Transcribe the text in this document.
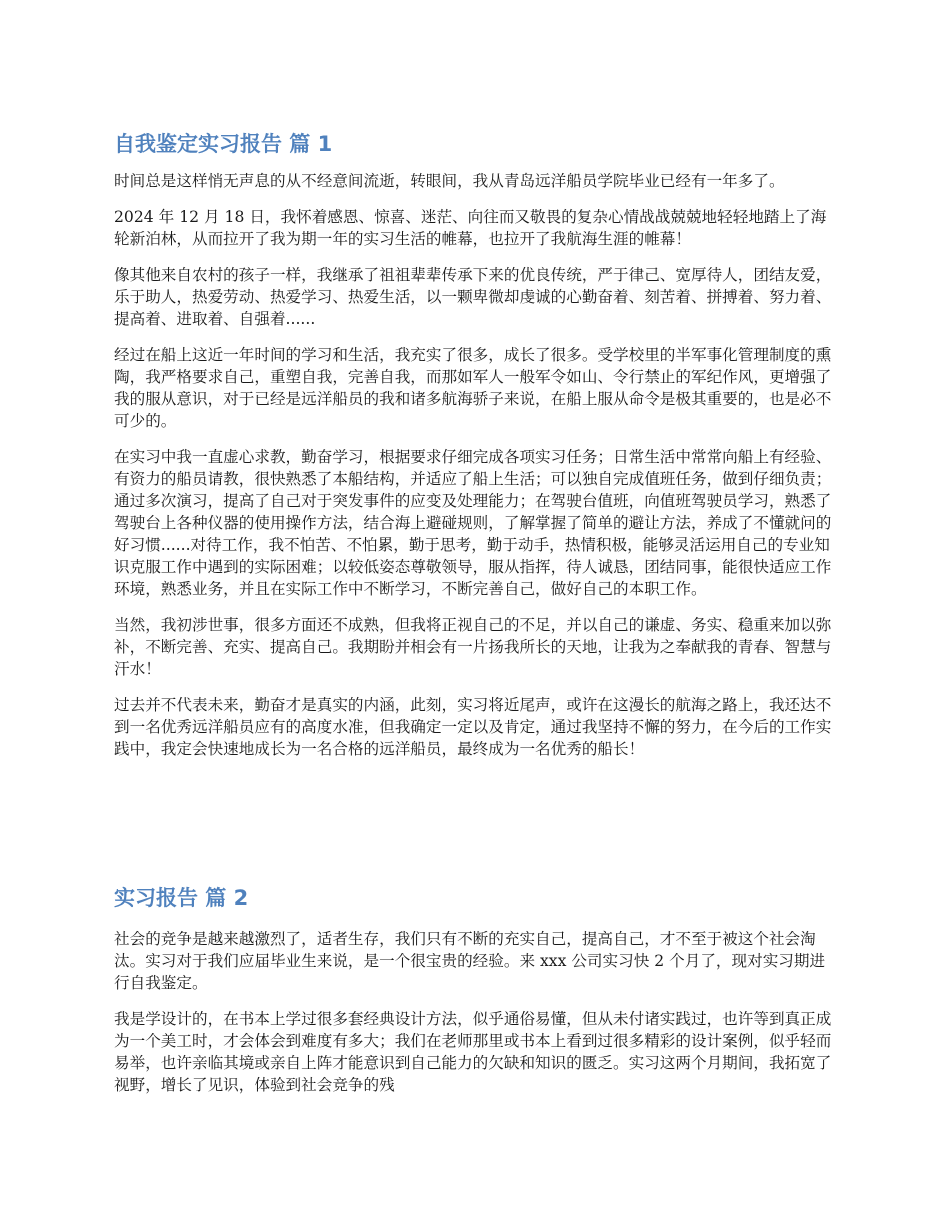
自我鉴定实习报告 篇 1

时间总是这样悄无声息的从不经意间流逝，转眼间，我从青岛远洋船员学院毕业已经有一年多了。

2024 年 12 月 18 日，我怀着感恩、惊喜、迷茫、向往而又敬畏的复杂心情战战兢兢地轻轻地踏上了海轮新泊林，从而拉开了我为期一年的实习生活的帷幕，也拉开了我航海生涯的帷幕！

像其他来自农村的孩子一样，我继承了祖祖辈辈传承下来的优良传统，严于律己、宽厚待人，团结友爱，乐于助人，热爱劳动、热爱学习、热爱生活，以一颗卑微却虔诚的心勤奋着、刻苦着、拼搏着、努力着、提高着、进取着、自强着......

经过在船上这近一年时间的学习和生活，我充实了很多，成长了很多。受学校里的半军事化管理制度的熏陶，我严格要求自己，重塑自我，完善自我，而那如军人一般军令如山、令行禁止的军纪作风，更增强了我的服从意识，对于已经是远洋船员的我和诸多航海骄子来说，在船上服从命令是极其重要的，也是必不可少的。

在实习中我一直虚心求教，勤奋学习，根据要求仔细完成各项实习任务；日常生活中常常向船上有经验、有资力的船员请教，很快熟悉了本船结构，并适应了船上生活；可以独自完成值班任务，做到仔细负责；通过多次演习，提高了自己对于突发事件的应变及处理能力；在驾驶台值班，向值班驾驶员学习，熟悉了驾驶台上各种仪器的使用操作方法，结合海上避碰规则，了解掌握了简单的避让方法，养成了不懂就问的好习惯......对待工作，我不怕苦、不怕累，勤于思考，勤于动手，热情积极，能够灵活运用自己的专业知识克服工作中遇到的实际困难；以较低姿态尊敬领导，服从指挥，待人诚恳，团结同事，能很快适应工作环境，熟悉业务，并且在实际工作中不断学习，不断完善自己，做好自己的本职工作。

当然，我初涉世事，很多方面还不成熟，但我将正视自己的不足，并以自己的谦虚、务实、稳重来加以弥补，不断完善、充实、提高自己。我期盼并相会有一片扬我所长的天地，让我为之奉献我的青春、智慧与汗水！

过去并不代表未来，勤奋才是真实的内涵，此刻，实习将近尾声，或许在这漫长的航海之路上，我还达不到一名优秀远洋船员应有的高度水准，但我确定一定以及肯定，通过我坚持不懈的努力，在今后的工作实践中，我定会快速地成长为一名合格的远洋船员，最终成为一名优秀的船长！

实习报告 篇 2

社会的竞争是越来越激烈了，适者生存，我们只有不断的充实自己，提高自己，才不至于被这个社会淘汰。实习对于我们应届毕业生来说，是一个很宝贵的经验。来 xxx 公司实习快 2 个月了，现对实习期进行自我鉴定。

我是学设计的，在书本上学过很多套经典设计方法，似乎通俗易懂，但从未付诸实践过，也许等到真正成为一个美工时，才会体会到难度有多大；我们在老师那里或书本上看到过很多精彩的设计案例，似乎轻而易举，也许亲临其境或亲自上阵才能意识到自己能力的欠缺和知识的匮乏。实习这两个月期间，我拓宽了视野，增长了见识，体验到社会竞争的残
